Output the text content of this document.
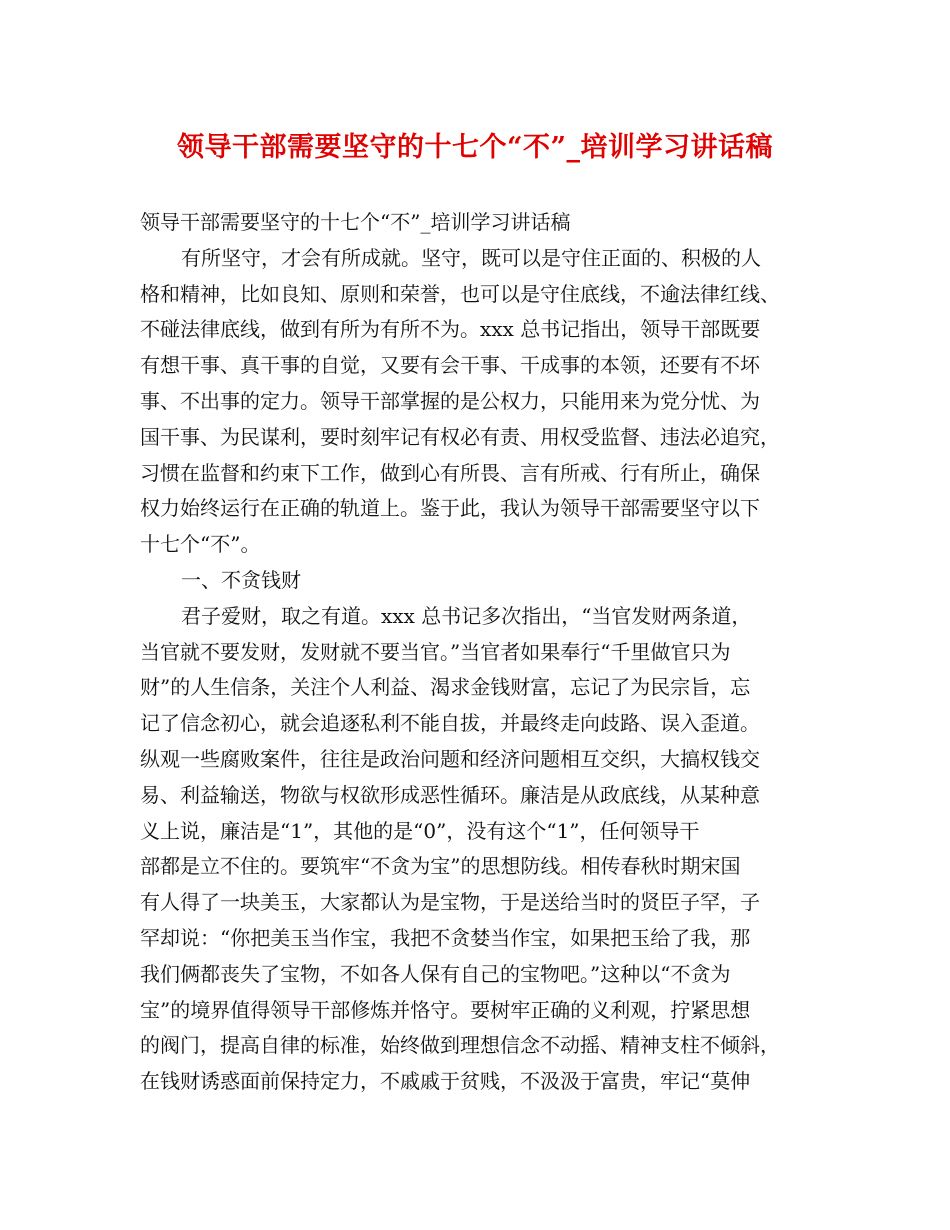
领导干部需要坚守的十七个“不”_培训学习讲话稿
领导干部需要坚守的十七个“不”_培训学习讲话稿
有所坚守，才会有所成就。坚守，既可以是守住正面的、积极的人
格和精神，比如良知、原则和荣誉，也可以是守住底线，不逾法律红线、
不碰法律底线，做到有所为有所不为。xxx 总书记指出，领导干部既要
有想干事、真干事的自觉，又要有会干事、干成事的本领，还要有不坏
事、不出事的定力。领导干部掌握的是公权力，只能用来为党分忧、为
国干事、为民谋利，要时刻牢记有权必有责、用权受监督、违法必追究，
习惯在监督和约束下工作，做到心有所畏、言有所戒、行有所止，确保
权力始终运行在正确的轨道上。鉴于此，我认为领导干部需要坚守以下
十七个“不”。
一、不贪钱财
君子爱财，取之有道。xxx 总书记多次指出，“当官发财两条道，
当官就不要发财，发财就不要当官。”当官者如果奉行“千里做官只为
财”的人生信条，关注个人利益、渴求金钱财富，忘记了为民宗旨，忘
记了信念初心，就会追逐私利不能自拔，并最终走向歧路、误入歪道。
纵观一些腐败案件，往往是政治问题和经济问题相互交织，大搞权钱交
易、利益输送，物欲与权欲形成恶性循环。廉洁是从政底线，从某种意
义上说，廉洁是“1”，其他的是“0”，没有这个“1”，任何领导干
部都是立不住的。要筑牢“不贪为宝”的思想防线。相传春秋时期宋国
有人得了一块美玉，大家都认为是宝物，于是送给当时的贤臣子罕，子
罕却说：“你把美玉当作宝，我把不贪婪当作宝，如果把玉给了我，那
我们俩都丧失了宝物，不如各人保有自己的宝物吧。”这种以“不贪为
宝”的境界值得领导干部修炼并恪守。要树牢正确的义利观，拧紧思想
的阀门，提高自律的标准，始终做到理想信念不动摇、精神支柱不倾斜，
在钱财诱惑面前保持定力，不戚戚于贫贱，不汲汲于富贵，牢记“莫伸
